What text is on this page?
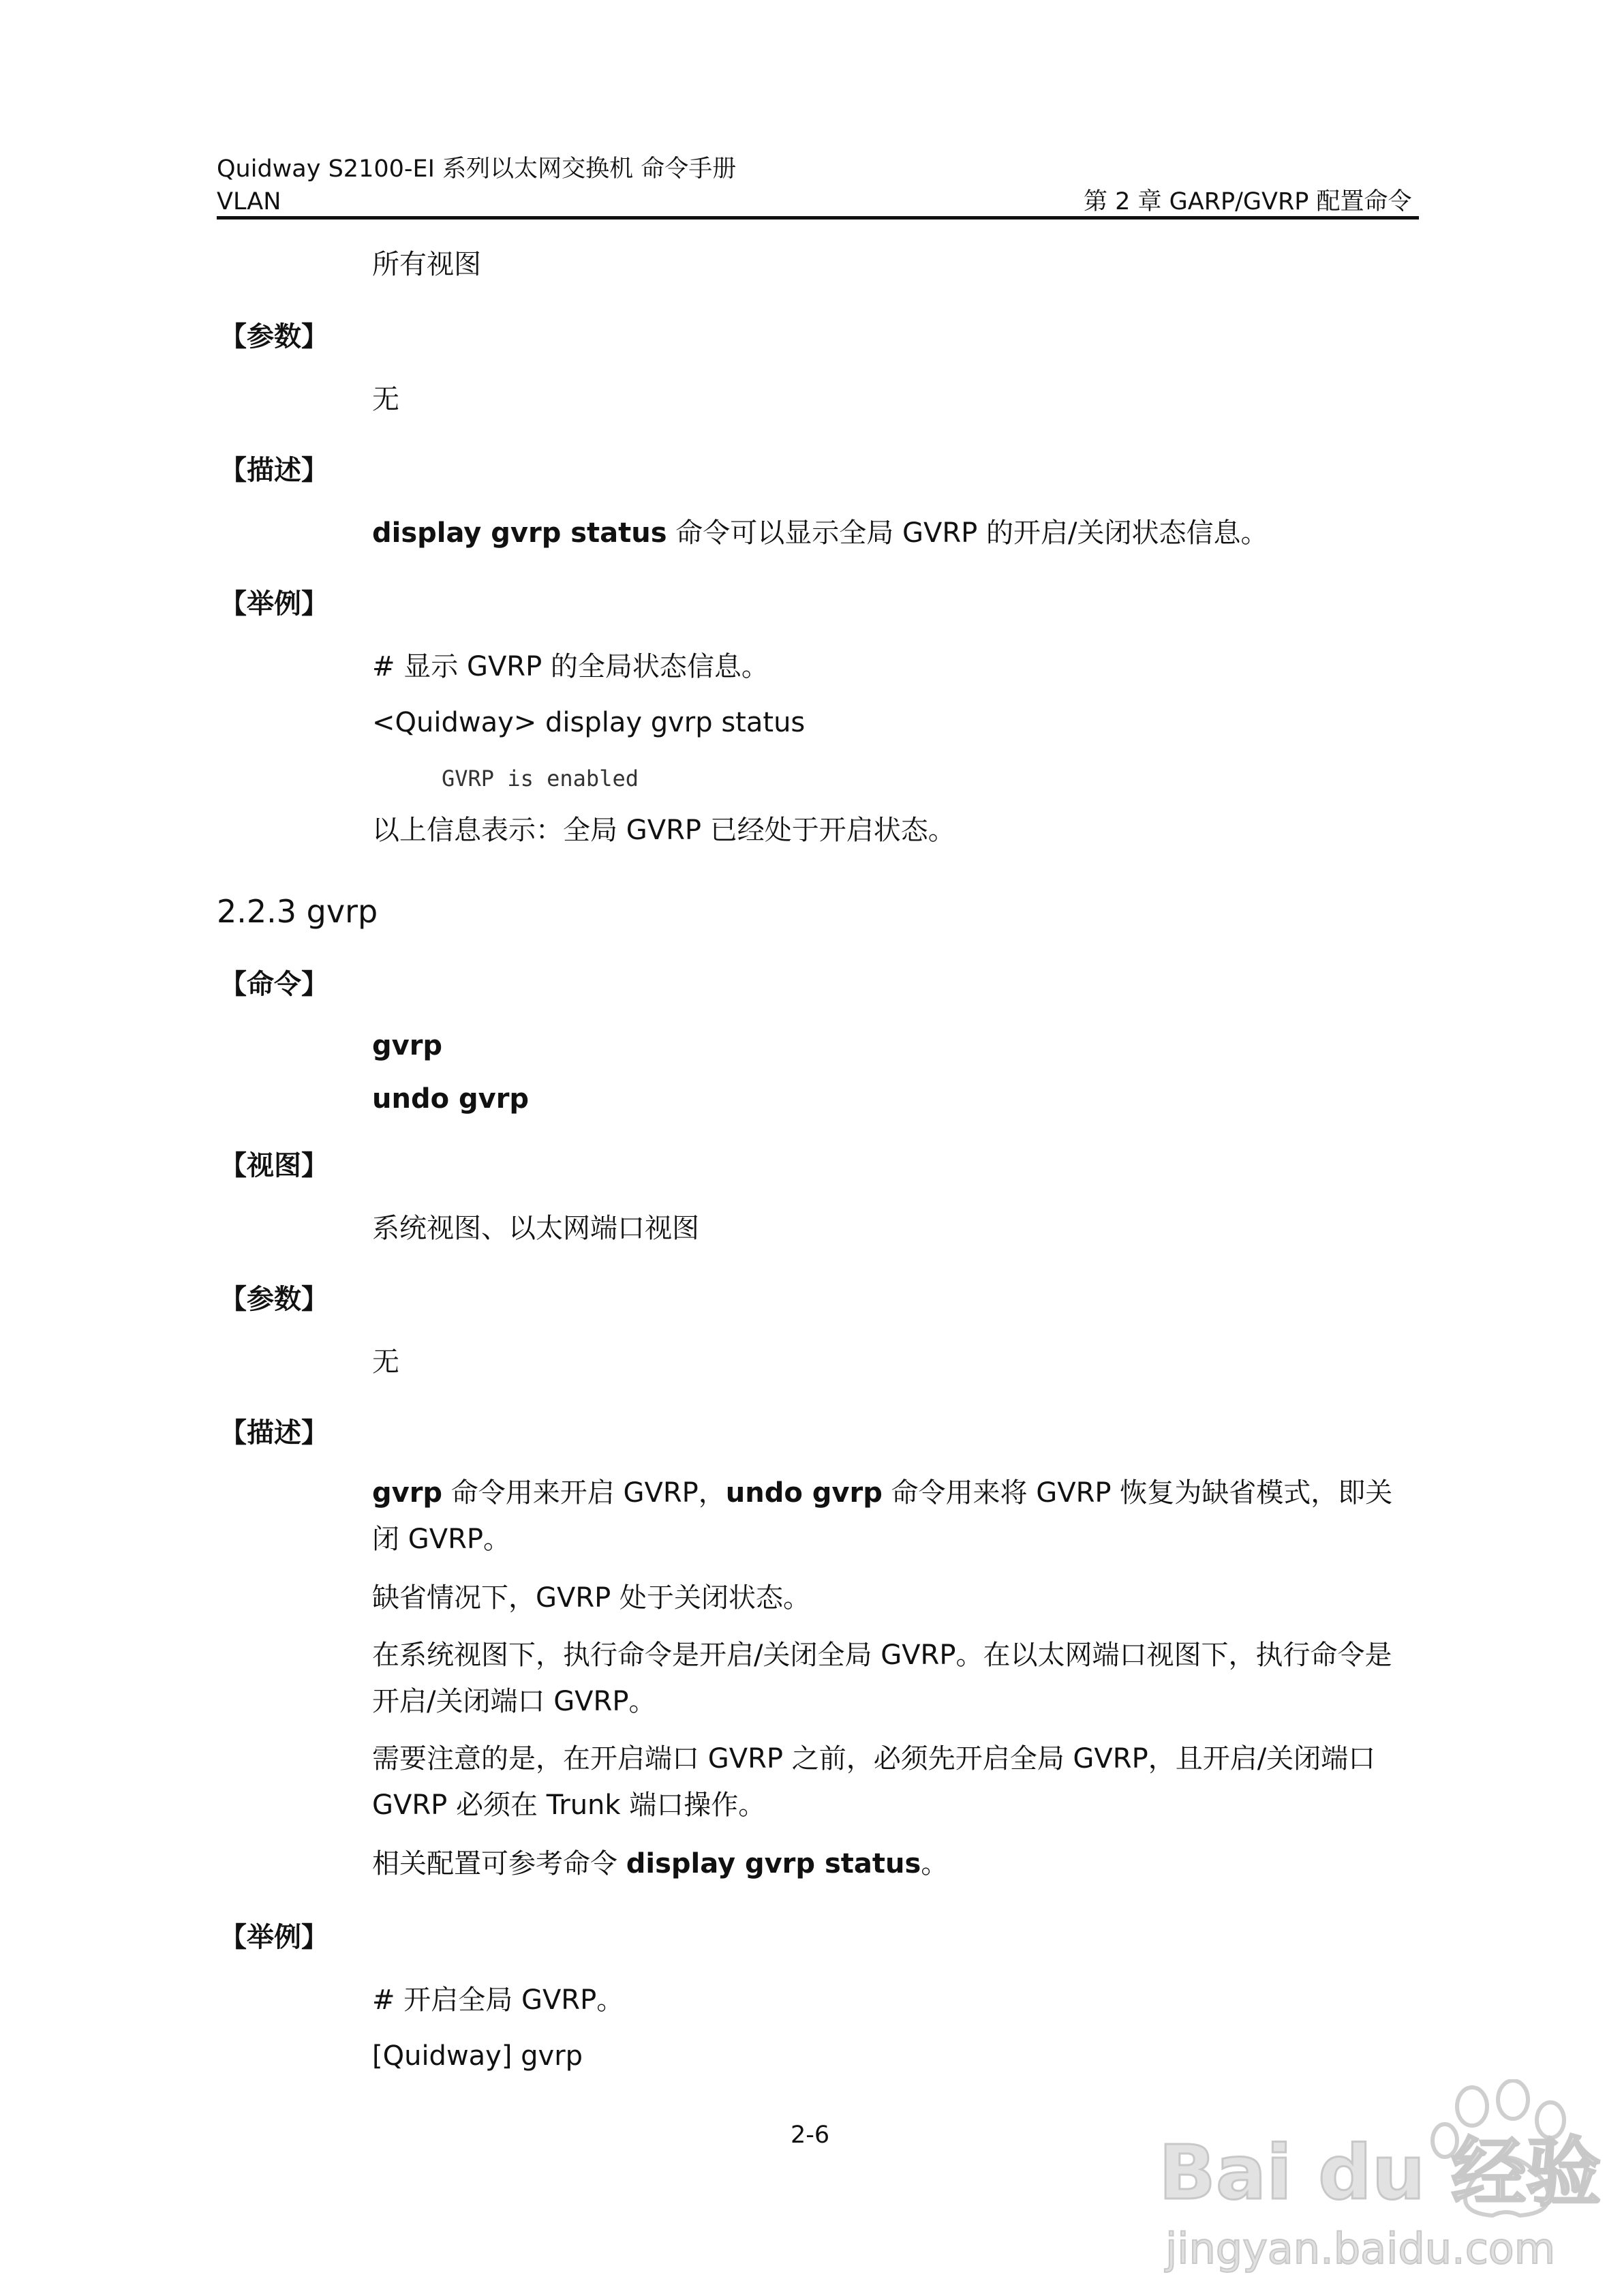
Quidway S2100-EI 系列以太网交换机 命令手册
VLAN	第 2 章 GARP/GVRP 配置命令
所有视图
【参数】
无
【描述】
display gvrp status 命令可以显示全局 GVRP 的开启/关闭状态信息。
【举例】
# 显示 GVRP 的全局状态信息。
<Quidway> display gvrp status
GVRP is enabled
以上信息表示：全局 GVRP 已经处于开启状态。
2.2.3 gvrp
【命令】
gvrp
undo gvrp
【视图】
系统视图、以太网端口视图
【参数】
无
【描述】
gvrp 命令用来开启 GVRP，undo gvrp 命令用来将 GVRP 恢复为缺省模式，即关闭 GVRP。
缺省情况下，GVRP 处于关闭状态。
在系统视图下，执行命令是开启/关闭全局 GVRP。在以太网端口视图下，执行命令是开启/关闭端口 GVRP。
需要注意的是，在开启端口 GVRP 之前，必须先开启全局 GVRP，且开启/关闭端口 GVRP 必须在 Trunk 端口操作。
相关配置可参考命令 display gvrp status。
【举例】
# 开启全局 GVRP。
[Quidway] gvrp
2-6	Bai du 经验
jingyan.baidu.com
